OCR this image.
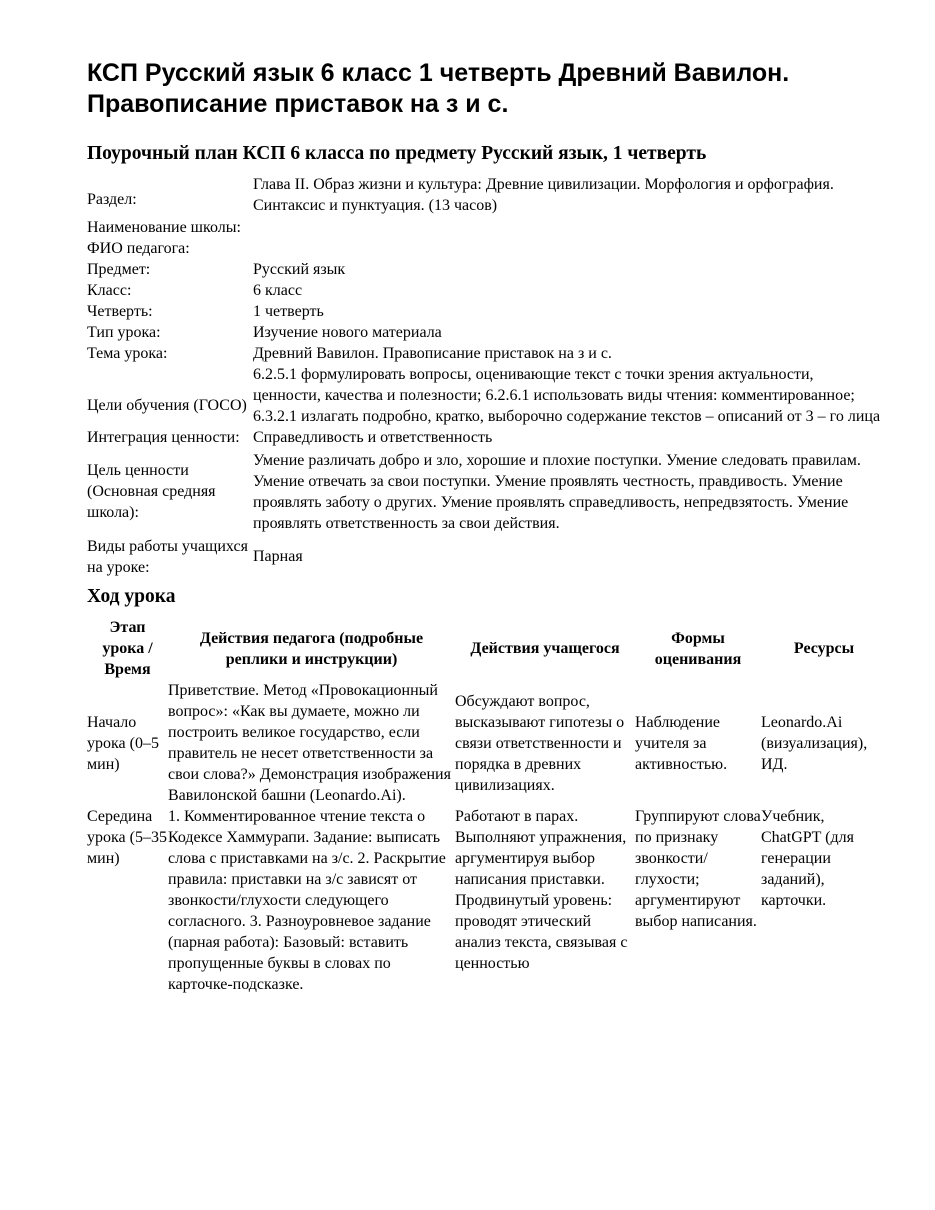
КСП Русский язык 6 класс 1 четверть Древний Вавилон. Правописание приставок на з и с.
Поурочный план КСП 6 класса по предмету Русский язык, 1 четверть
Раздел:	Глава II. Образ жизни и культура: Древние цивилизации. Морфология и орфография. Синтаксис и пунктуация. (13 часов)
Наименование школы:	
ФИО педагога:	
Предмет:	Русский язык
Класс:	6 класс
Четверть:	1 четверть
Тип урока:	Изучение нового материала
Тема урока:	Древний Вавилон. Правописание приставок на з и с.
Цели обучения (ГОСО)	6.2.5.1 формулировать вопросы, оценивающие текст с точки зрения актуальности, ценности, качества и полезности; 6.2.6.1 использовать виды чтения: комментированное; 6.3.2.1 излагать подробно, кратко, выборочно содержание текстов – описаний от 3 – го лица
Интеграция ценности:	Справедливость и ответственность
Цель ценности (Основная средняя школа):	Умение различать добро и зло, хорошие и плохие поступки. Умение следовать правилам. Умение отвечать за свои поступки. Умение проявлять честность, правдивость. Умение проявлять заботу о других. Умение проявлять справедливость, непредвзятость. Умение проявлять ответственность за свои действия.
Виды работы учащихся на уроке:	Парная
Ход урока
Этап урока / Время	Действия педагога (подробные реплики и инструкции)	Действия учащегося	Формы оценивания	Ресурсы
Начало урока (0–5 мин)	Приветствие. Метод «Провокационный вопрос»: «Как вы думаете, можно ли построить великое государство, если правитель не несет ответственности за свои слова?» Демонстрация изображения Вавилонской башни (Leonardo.Ai).	Обсуждают вопрос, высказывают гипотезы о связи ответственности и порядка в древних цивилизациях.	Наблюдение учителя за активностью.	Leonardo.Ai (визуализация), ИД.
Середина урока (5–35 мин)	1. Комментированное чтение текста о Кодексе Хаммурапи. Задание: выписать слова с приставками на з/с. 2. Раскрытие правила: приставки на з/с зависят от звонкости/глухости следующего согласного. 3. Разноуровневое задание (парная работа): Базовый: вставить пропущенные буквы в словах по карточке-подсказке.	Работают в парах. Выполняют упражнения, аргументируя выбор написания приставки. Продвинутый уровень: проводят этический анализ текста, связывая с ценностью	Группируют слова по признаку звонкости/глухости; аргументируют выбор написания.	Учебник, ChatGPT (для генерации заданий), карточки.
